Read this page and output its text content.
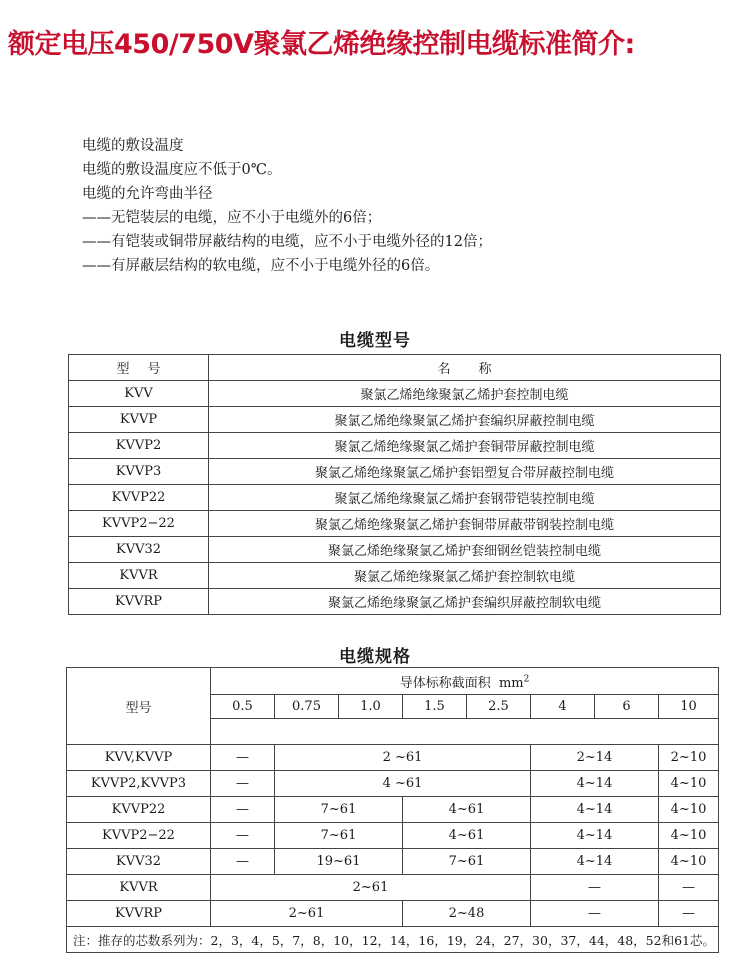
额定电压450/750V聚氯乙烯绝缘控制电缆标准简介:
电缆的敷设温度
电缆的敷设温度应不低于0℃。
电缆的允许弯曲半径
——无铠装层的电缆，应不小于电缆外的6倍；
——有铠装或铜带屏蔽结构的电缆，应不小于电缆外径的12倍；
——有屏蔽层结构的软电缆，应不小于电缆外径的6倍。
电缆型号
型号	名称
KVV	聚氯乙烯绝缘聚氯乙烯护套控制电缆
KVVP	聚氯乙烯绝缘聚氯乙烯护套编织屏蔽控制电缆
KVVP2	聚氯乙烯绝缘聚氯乙烯护套铜带屏蔽控制电缆
KVVP3	聚氯乙烯绝缘聚氯乙烯护套铝塑复合带屏蔽控制电缆
KVVP22	聚氯乙烯绝缘聚氯乙烯护套钢带铠装控制电缆
KVVP2−22	聚氯乙烯绝缘聚氯乙烯护套铜带屏蔽带钢装控制电缆
KVV32	聚氯乙烯绝缘聚氯乙烯护套细钢丝铠装控制电缆
KVVR	聚氯乙烯绝缘聚氯乙烯护套控制软电缆
KVVRP	聚氯乙烯绝缘聚氯乙烯护套编织屏蔽控制软电缆
电缆规格
型号	导体标称截面积 $mm^2$
	0.5	0.75	1.0	1.5	2.5	4	6	10

KVV,KVVP	—	2 ~61				2~14		2~10
KVVP2,KVVP3	—	4 ~61				4~14		4~10
KVVP22	—	7~61		4~61		4~14		4~10
KVVP2−22	—	7~61		4~61		4~14		4~10
KVV32	—	19~61		7~61		4~14		4~10
KVVR	2~61					—		—
KVVRP	2~61			2~48		—		—
注：推存的芯数系列为：2，3，4，5，7，8，10，12，14，16，19，24，27，30，37，44，48，52和61芯。								
